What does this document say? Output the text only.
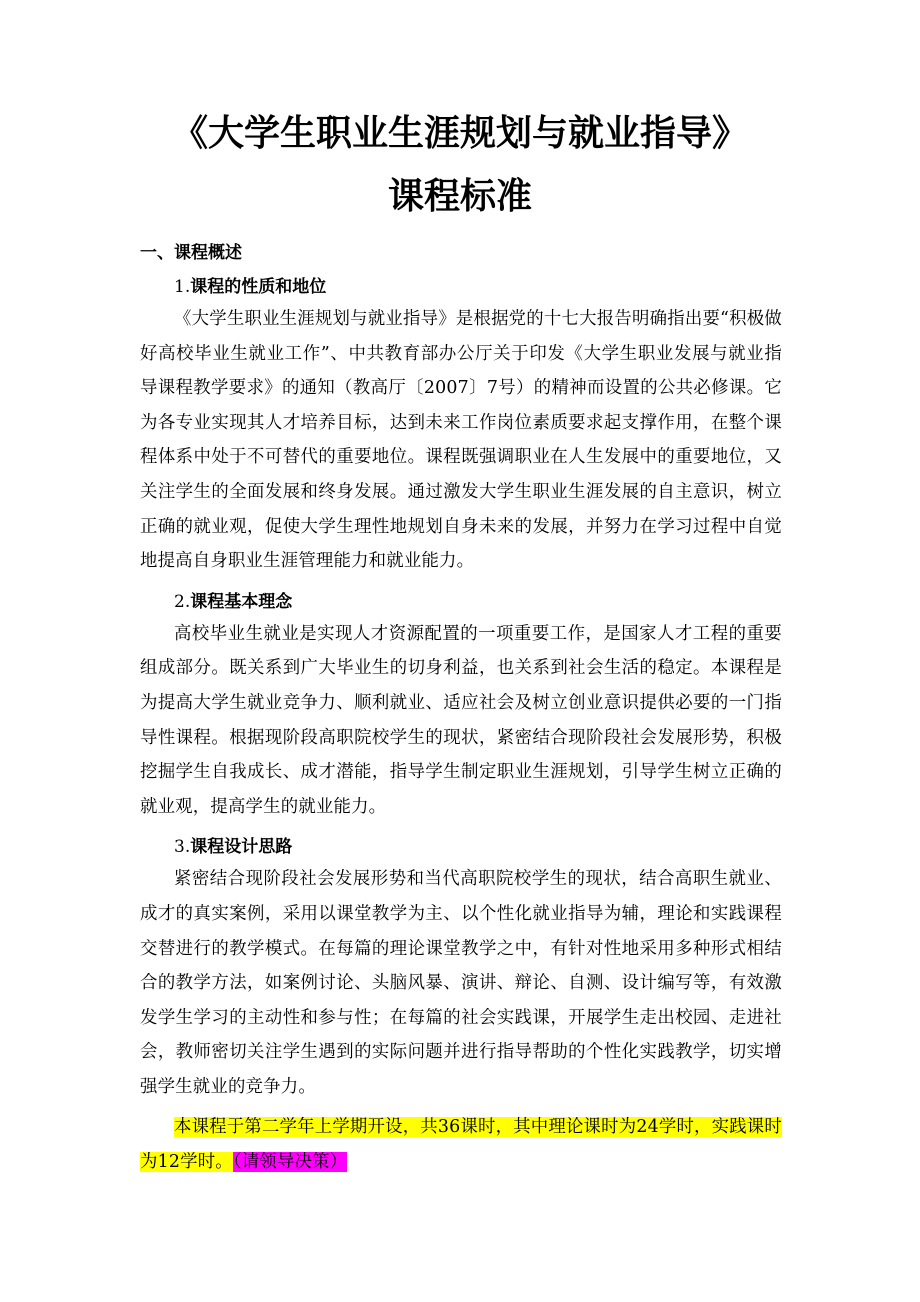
《大学生职业生涯规划与就业指导》
课程标准
一、课程概述
1.课程的性质和地位

《大学生职业生涯规划与就业指导》是根据党的十七大报告明确指出要“积极做好高校毕业生就业工作”、中共教育部办公厅关于印发《大学生职业发展与就业指导课程教学要求》的通知（教高厅〔2007〕7号）的精神而设置的公共必修课。它为各专业实现其人才培养目标，达到未来工作岗位素质要求起支撑作用，在整个课程体系中处于不可替代的重要地位。课程既强调职业在人生发展中的重要地位，又关注学生的全面发展和终身发展。通过激发大学生职业生涯发展的自主意识，树立正确的就业观，促使大学生理性地规划自身未来的发展，并努力在学习过程中自觉地提高自身职业生涯管理能力和就业能力。

2.课程基本理念

高校毕业生就业是实现人才资源配置的一项重要工作，是国家人才工程的重要组成部分。既关系到广大毕业生的切身利益，也关系到社会生活的稳定。本课程是为提高大学生就业竞争力、顺利就业、适应社会及树立创业意识提供必要的一门指导性课程。根据现阶段高职院校学生的现状，紧密结合现阶段社会发展形势，积极挖掘学生自我成长、成才潜能，指导学生制定职业生涯规划，引导学生树立正确的就业观，提高学生的就业能力。

3.课程设计思路

紧密结合现阶段社会发展形势和当代高职院校学生的现状，结合高职生就业、成才的真实案例，采用以课堂教学为主、以个性化就业指导为辅，理论和实践课程交替进行的教学模式。在每篇的理论课堂教学之中，有针对性地采用多种形式相结合的教学方法，如案例讨论、头脑风暴、演讲、辩论、自测、设计编写等，有效激发学生学习的主动性和参与性；在每篇的社会实践课，开展学生走出校园、走进社会，教师密切关注学生遇到的实际问题并进行指导帮助的个性化实践教学，切实增强学生就业的竞争力。

本课程于第二学年上学期开设，共36课时，其中理论课时为24学时，实践课时为12学时。（请领导决策）
